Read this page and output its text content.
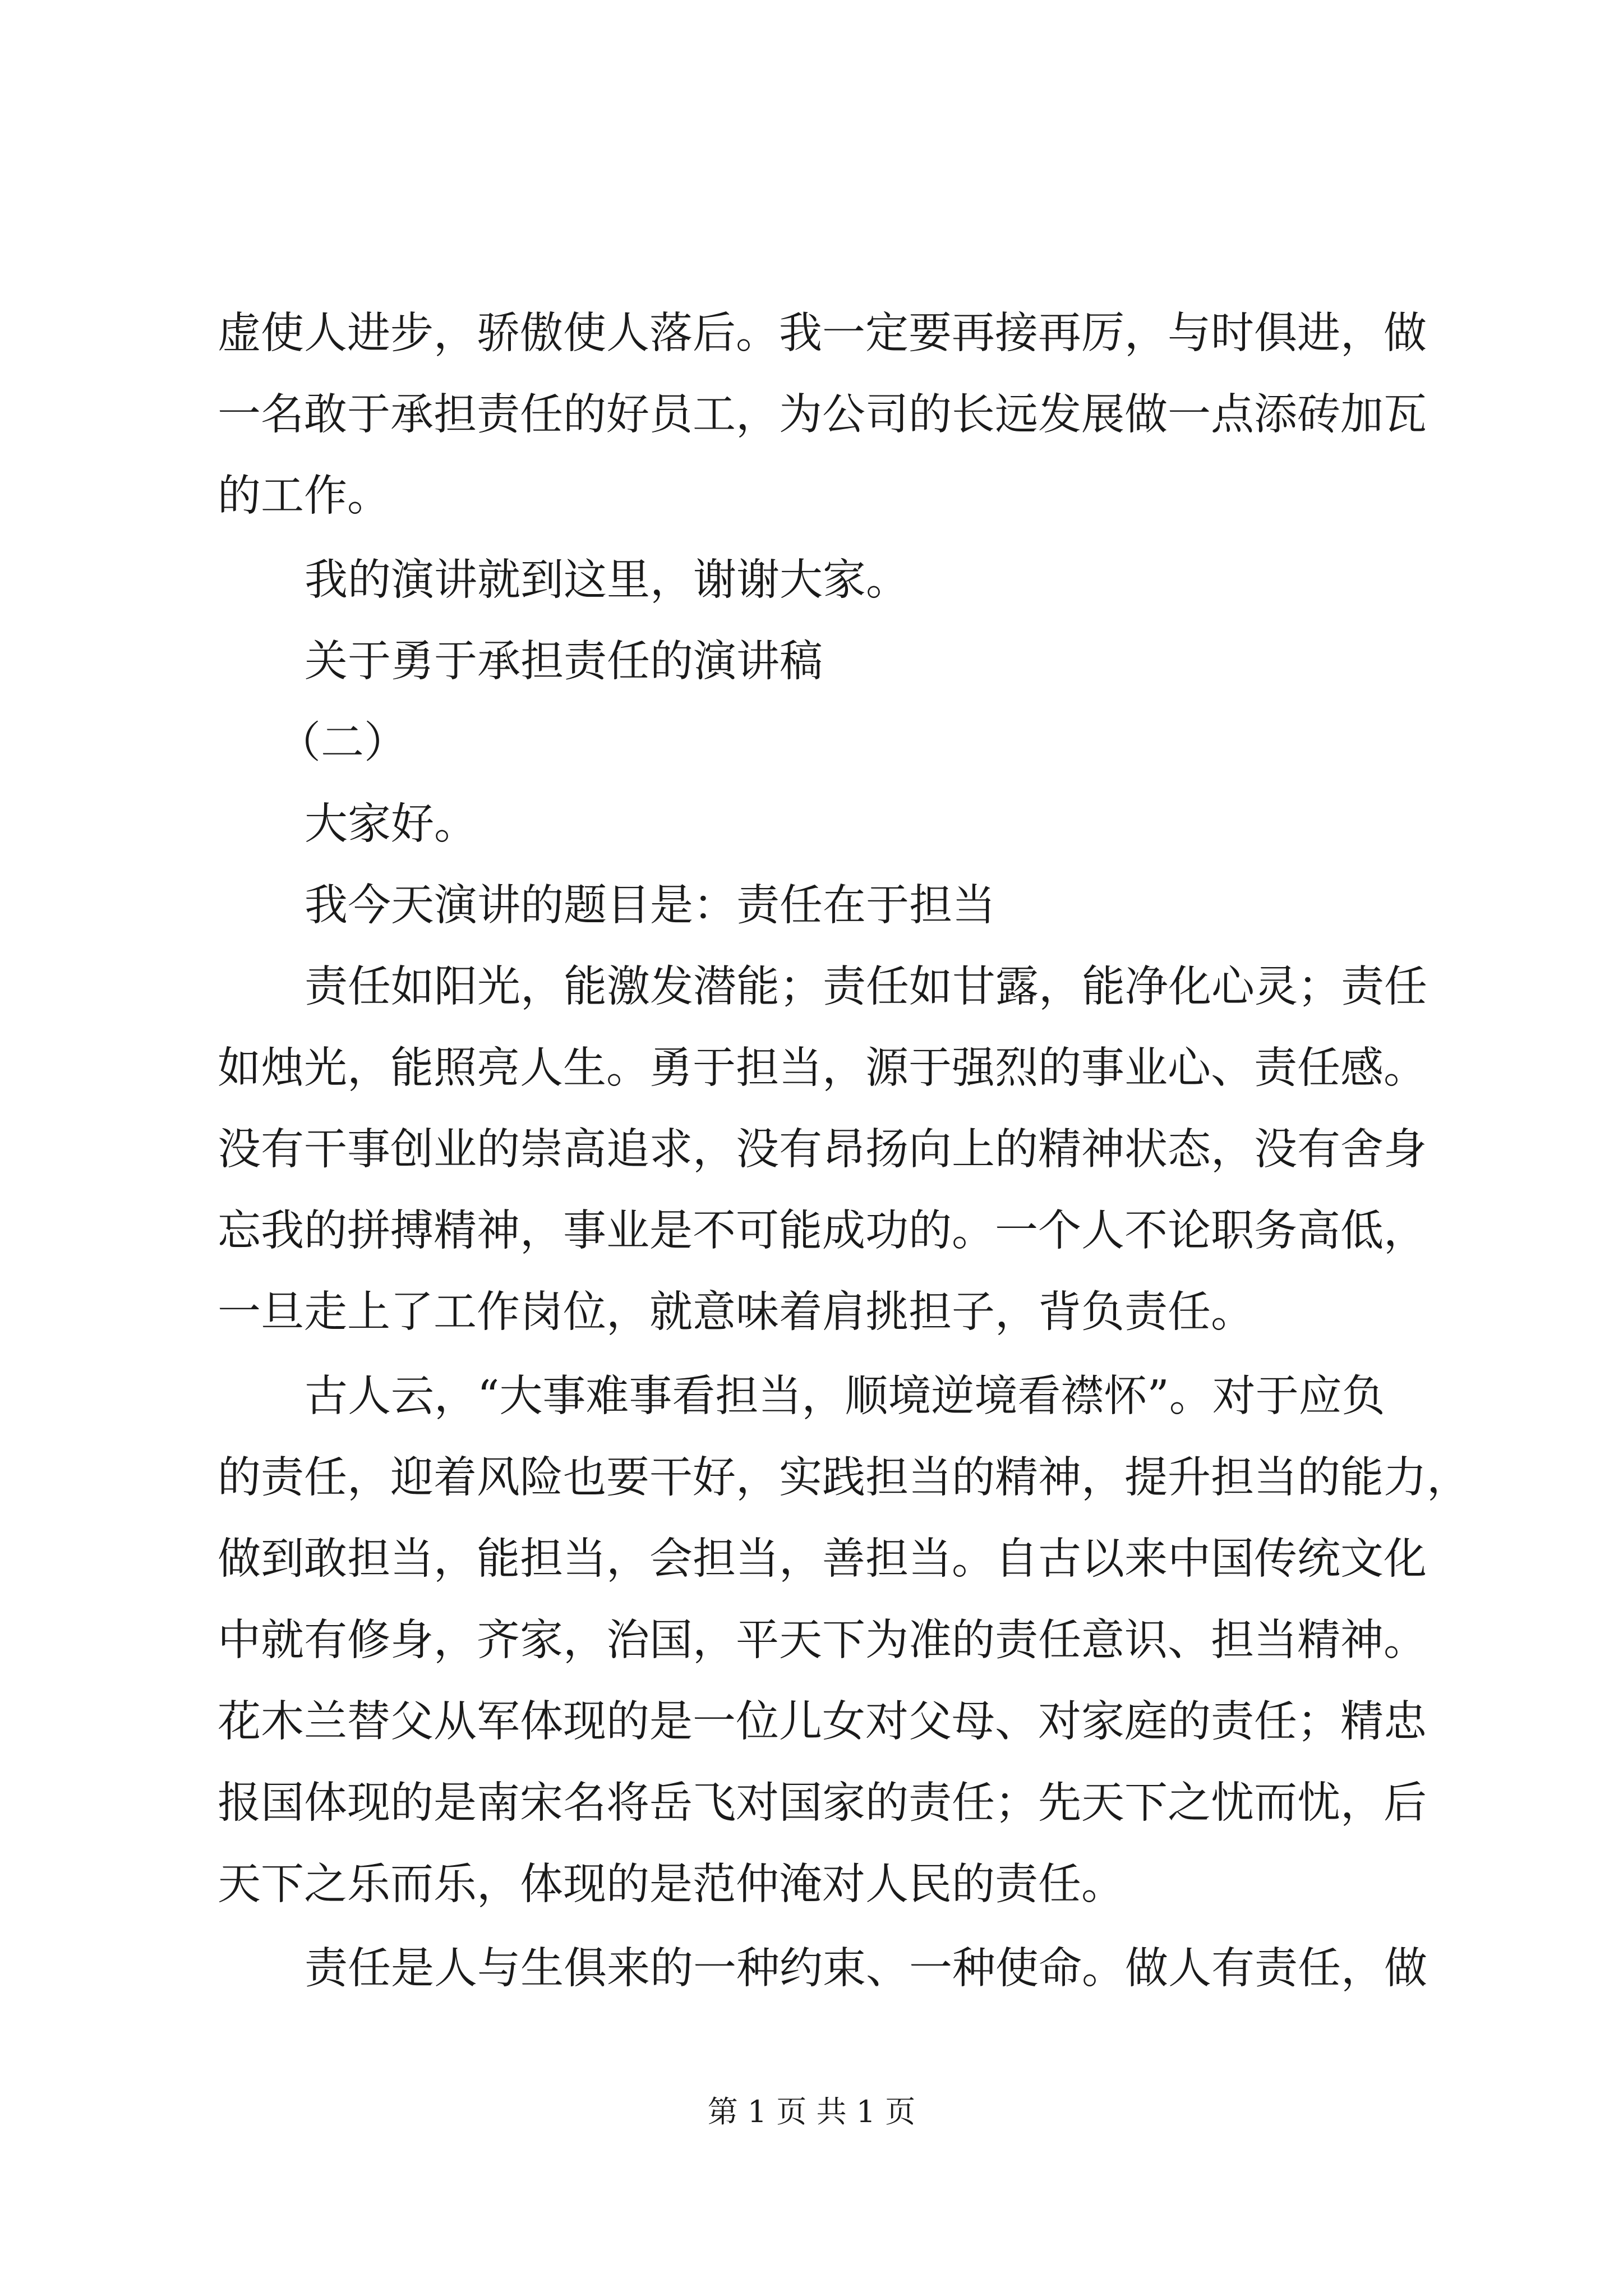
虚使人进步，骄傲使人落后。我一定要再接再厉，与时俱进，做

一名敢于承担责任的好员工，为公司的长远发展做一点添砖加瓦

的工作。

我的演讲就到这里，谢谢大家。

关于勇于承担责任的演讲稿

（二）

大家好。

我今天演讲的题目是：责任在于担当

责任如阳光，能激发潜能；责任如甘露，能净化心灵；责任

如烛光，能照亮人生。勇于担当，源于强烈的事业心、责任感。

没有干事创业的崇高追求，没有昂扬向上的精神状态，没有舍身

忘我的拼搏精神，事业是不可能成功的。一个人不论职务高低，

一旦走上了工作岗位，就意味着肩挑担子，背负责任。

古人云，“大事难事看担当，顺境逆境看襟怀”。对于应负

的责任，迎着风险也要干好，实践担当的精神，提升担当的能力，

做到敢担当，能担当，会担当，善担当。自古以来中国传统文化

中就有修身，齐家，治国，平天下为准的责任意识、担当精神。

花木兰替父从军体现的是一位儿女对父母、对家庭的责任；精忠

报国体现的是南宋名将岳飞对国家的责任；先天下之忧而忧，后

天下之乐而乐，体现的是范仲淹对人民的责任。

责任是人与生俱来的一种约束、一种使命。做人有责任，做

第 1 页 共 1 页
